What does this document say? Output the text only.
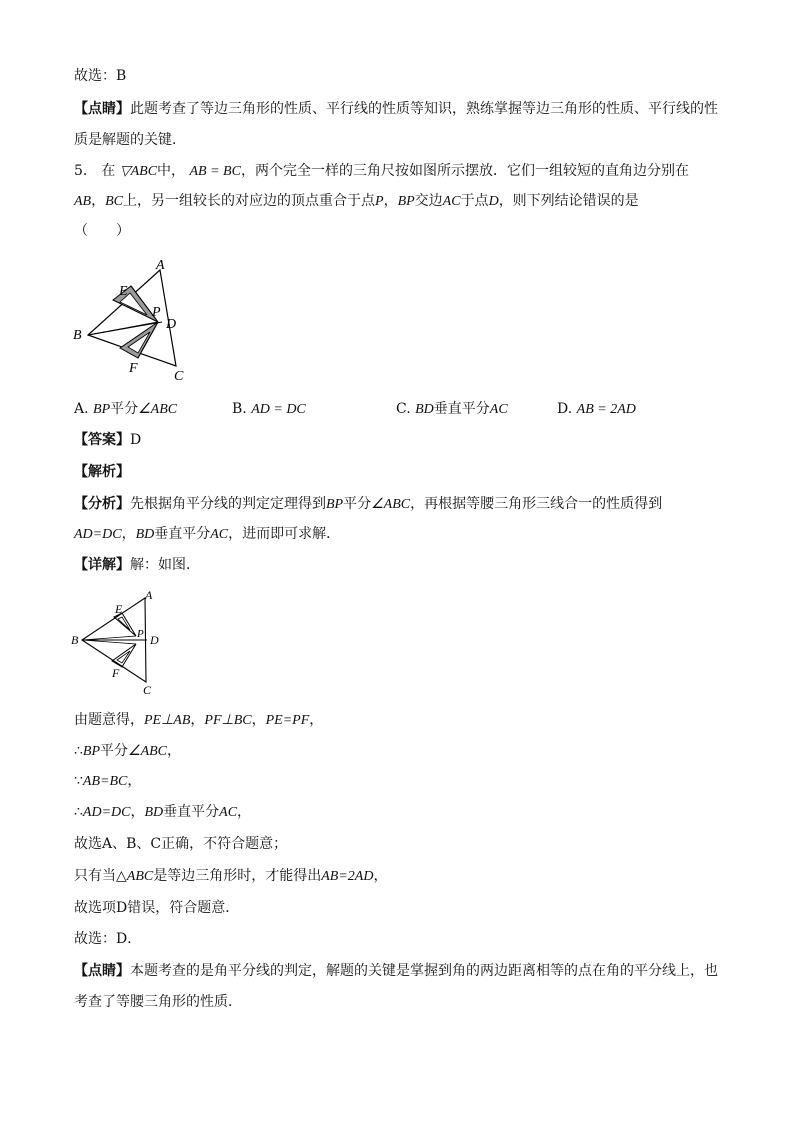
故选：B
【点睛】此题考查了等边三角形的性质、平行线的性质等知识，熟练掌握等边三角形的性质、平行线的性
质是解题的关键．
5． 在 ▽ABC中， AB = BC，两个完全一样的三角尺按如图所示摆放．它们一组较短的直角边分别在
AB，BC上，另一组较长的对应边的顶点重合于点P，BP交边AC于点D，则下列结论错误的是
（　　）
A
E
P
D
B
F
C
A. BP平分∠ABC	B. AD = DC	C. BD垂直平分AC	D. AB = 2AD
【答案】D
【解析】
【分析】先根据角平分线的判定定理得到BP平分∠ABC，再根据等腰三角形三线合一的性质得到
AD=DC，BD垂直平分AC，进而即可求解．
【详解】解：如图．
A
E
P D
B
F
C
由题意得，PE⊥AB，PF⊥BC，PE=PF，
∴BP平分∠ABC，
∵AB=BC，
∴AD=DC，BD垂直平分AC，
故选A、B、C正确，不符合题意；
只有当△ABC是等边三角形时，才能得出AB=2AD，
故选项D错误，符合题意．
故选：D．
【点睛】本题考查的是角平分线的判定，解题的关键是掌握到角的两边距离相等的点在角的平分线上，也
考查了等腰三角形的性质．
